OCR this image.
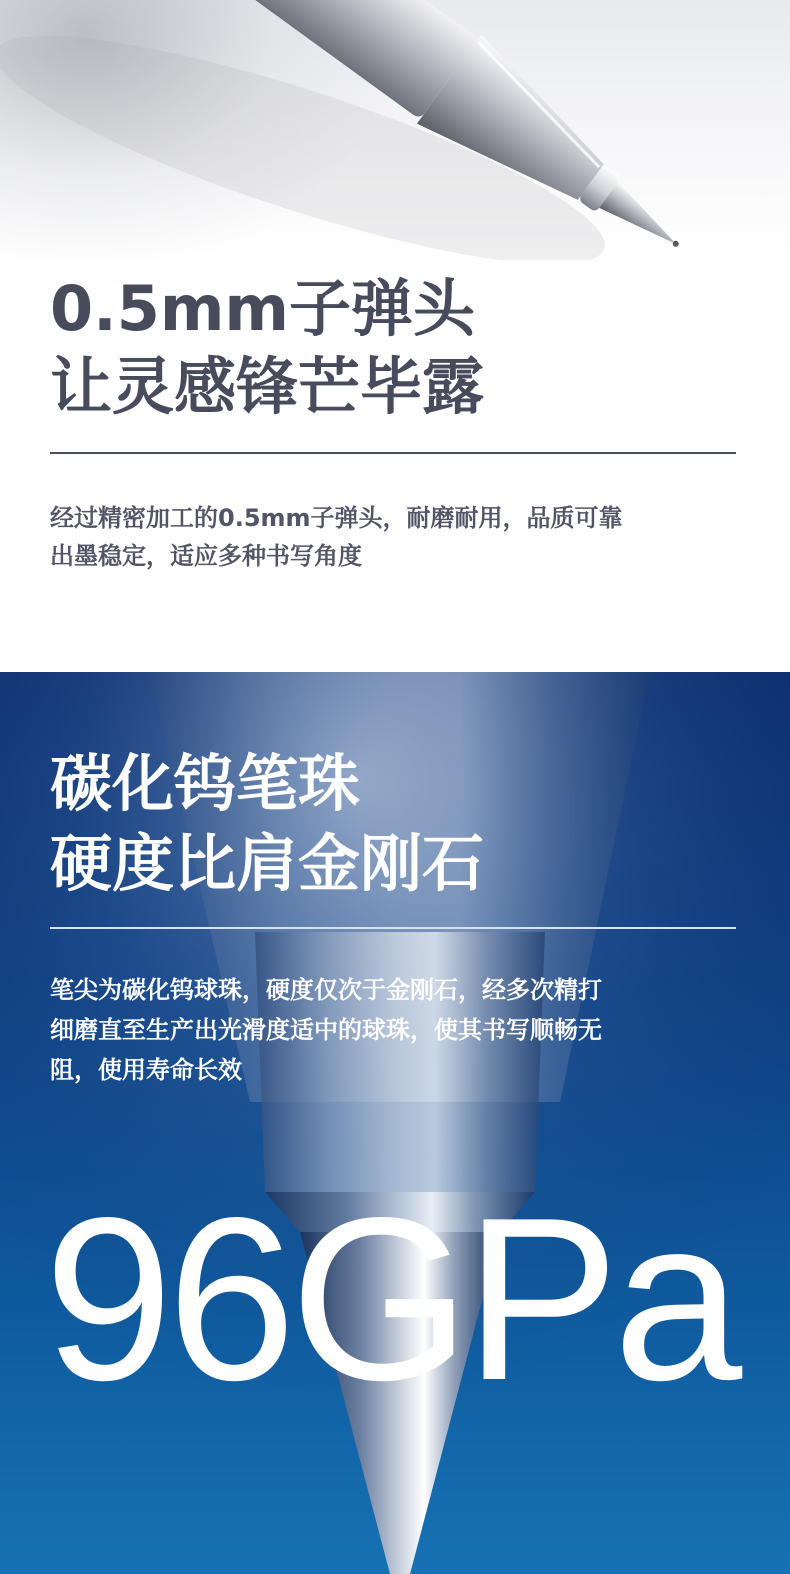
0.5mm子弹头
让灵感锋芒毕露

经过精密加工的0.5mm子弹头，耐磨耐用，品质可靠
出墨稳定，适应多种书写角度

碳化钨笔珠
硬度比肩金刚石

笔尖为碳化钨球珠，硬度仅次于金刚石，经多次精打
细磨直至生产出光滑度适中的球珠，使其书写顺畅无
阻，使用寿命长效

96GPa
